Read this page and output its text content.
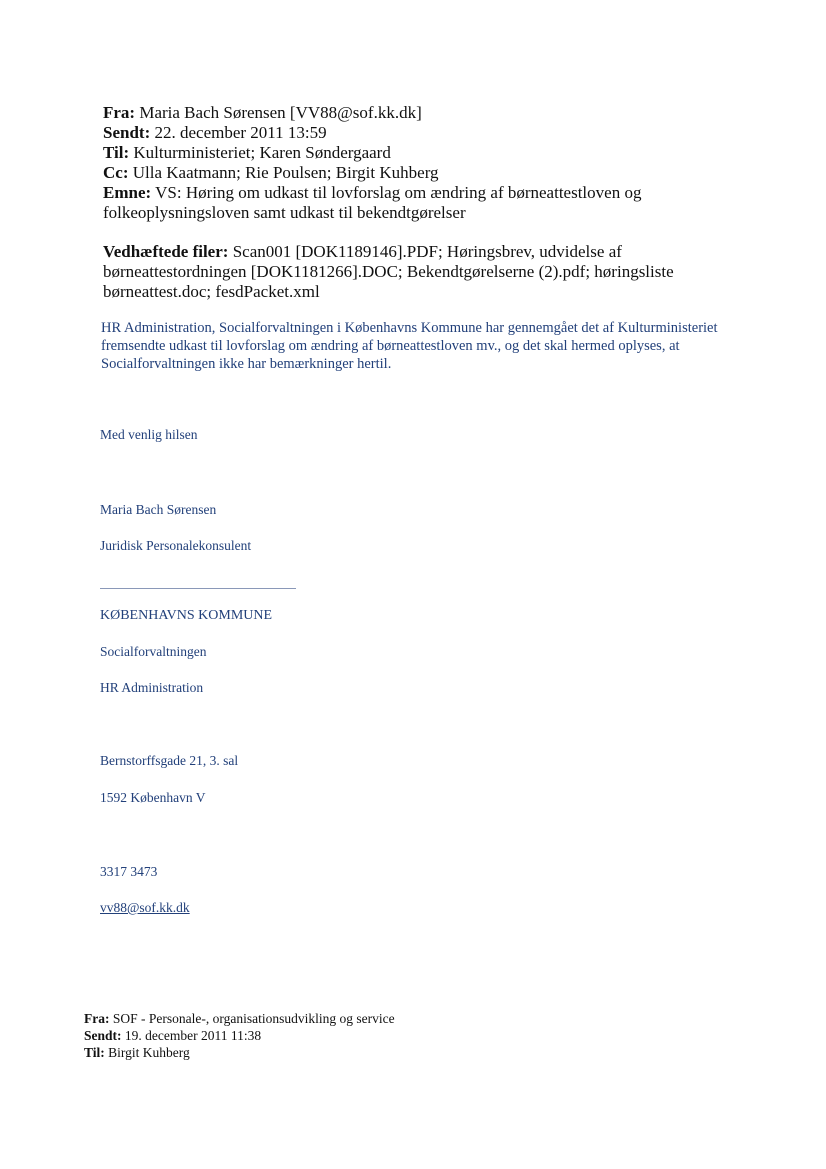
Fra: Maria Bach Sørensen [VV88@sof.kk.dk]
Sendt: 22. december 2011 13:59
Til: Kulturministeriet; Karen Søndergaard
Cc: Ulla Kaatmann; Rie Poulsen; Birgit Kuhberg
Emne: VS: Høring om udkast til lovforslag om ændring af børneattestloven og folkeoplysningsloven samt udkast til bekendtgørelser
Vedhæftede filer: Scan001 [DOK1189146].PDF; Høringsbrev, udvidelse af børneattestordningen [DOK1181266].DOC; Bekendtgørelserne (2).pdf; høringsliste børneattest.doc; fesdPacket.xml
HR Administration, Socialforvaltningen i Københavns Kommune har gennemgået det af Kulturministeriet fremsendte udkast til lovforslag om ændring af børneattestloven mv., og det skal hermed oplyses, at Socialforvaltningen ikke har bemærkninger hertil.
Med venlig hilsen
Maria Bach Sørensen
Juridisk Personalekonsulent
KØBENHAVNS KOMMUNE
Socialforvaltningen
HR Administration
Bernstorffsgade 21, 3. sal
1592 København V
3317 3473
vv88@sof.kk.dk
Fra: SOF - Personale-, organisationsudvikling og service
Sendt: 19. december 2011 11:38
Til: Birgit Kuhberg
